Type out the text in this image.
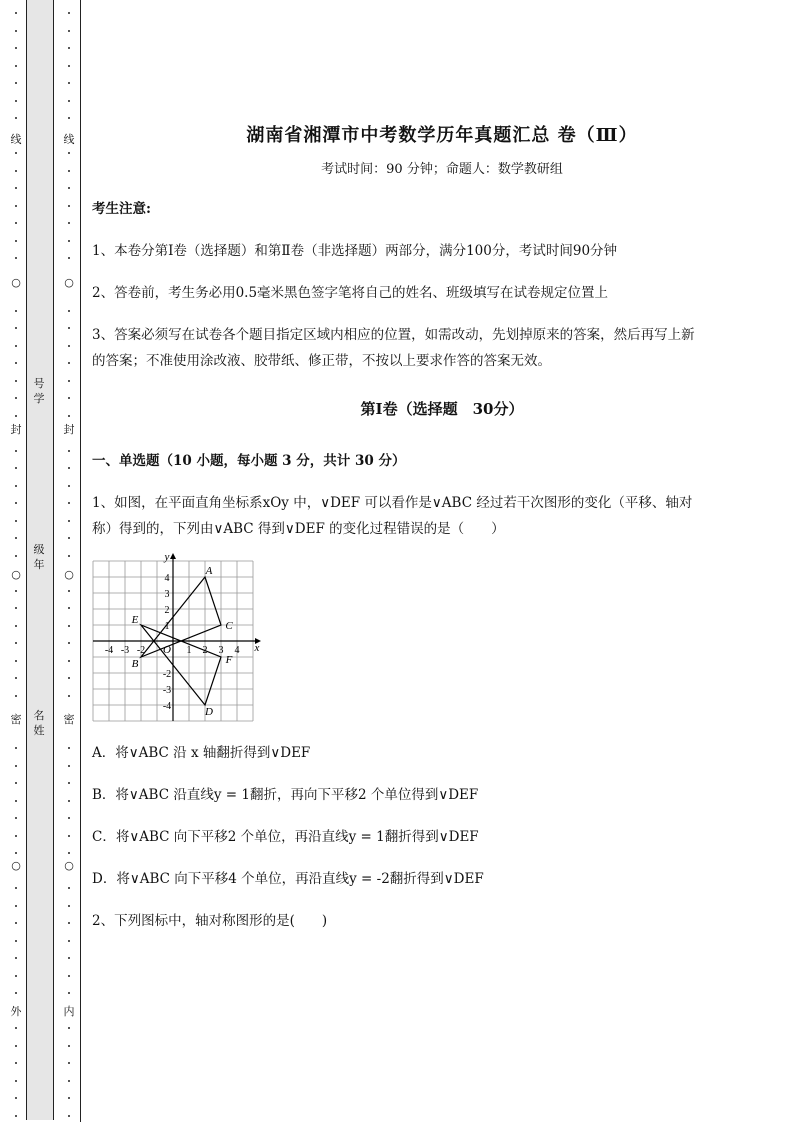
线
○
封
○
密
○
外
号
学
级
年
名
姓
线
○
封
○
密
○
内
湖南省湘潭市中考数学历年真题汇总 卷（Ⅲ）
考试时间：90 分钟；命题人：数学教研组
考生注意:
1、本卷分第I卷（选择题）和第Ⅱ卷（非选择题）两部分，满分100分，考试时间90分钟
2、答卷前，考生务必用0.5毫米黑色签字笔将自己的姓名、班级填写在试卷规定位置上
3、答案必须写在试卷各个题目指定区域内相应的位置，如需改动，先划掉原来的答案，然后再写上新
的答案；不准使用涂改液、胶带纸、修正带，不按以上要求作答的答案无效。
第I卷（选择题　30分）
一、单选题（10 小题，每小题 3 分，共计 30 分）
1、如图，在平面直角坐标系xOy 中，∨DEF 可以看作是∨ABC 经过若干次图形的变化（平移、轴对
称）得到的，下列由∨ABC 得到∨DEF 的变化过程错误的是（　　）
x
y
O
-4 -3 -2	1 2 3 4
4
3
2
1
-2
-3
-4
A
B
C
D
E
F
A．将∨ABC 沿 x 轴翻折得到∨DEF
B．将∨ABC 沿直线y = 1翻折，再向下平移2 个单位得到∨DEF
C．将∨ABC 向下平移2 个单位，再沿直线y = 1翻折得到∨DEF
D．将∨ABC 向下平移4 个单位，再沿直线y = -2翻折得到∨DEF
2、下列图标中，轴对称图形的是(　　)
